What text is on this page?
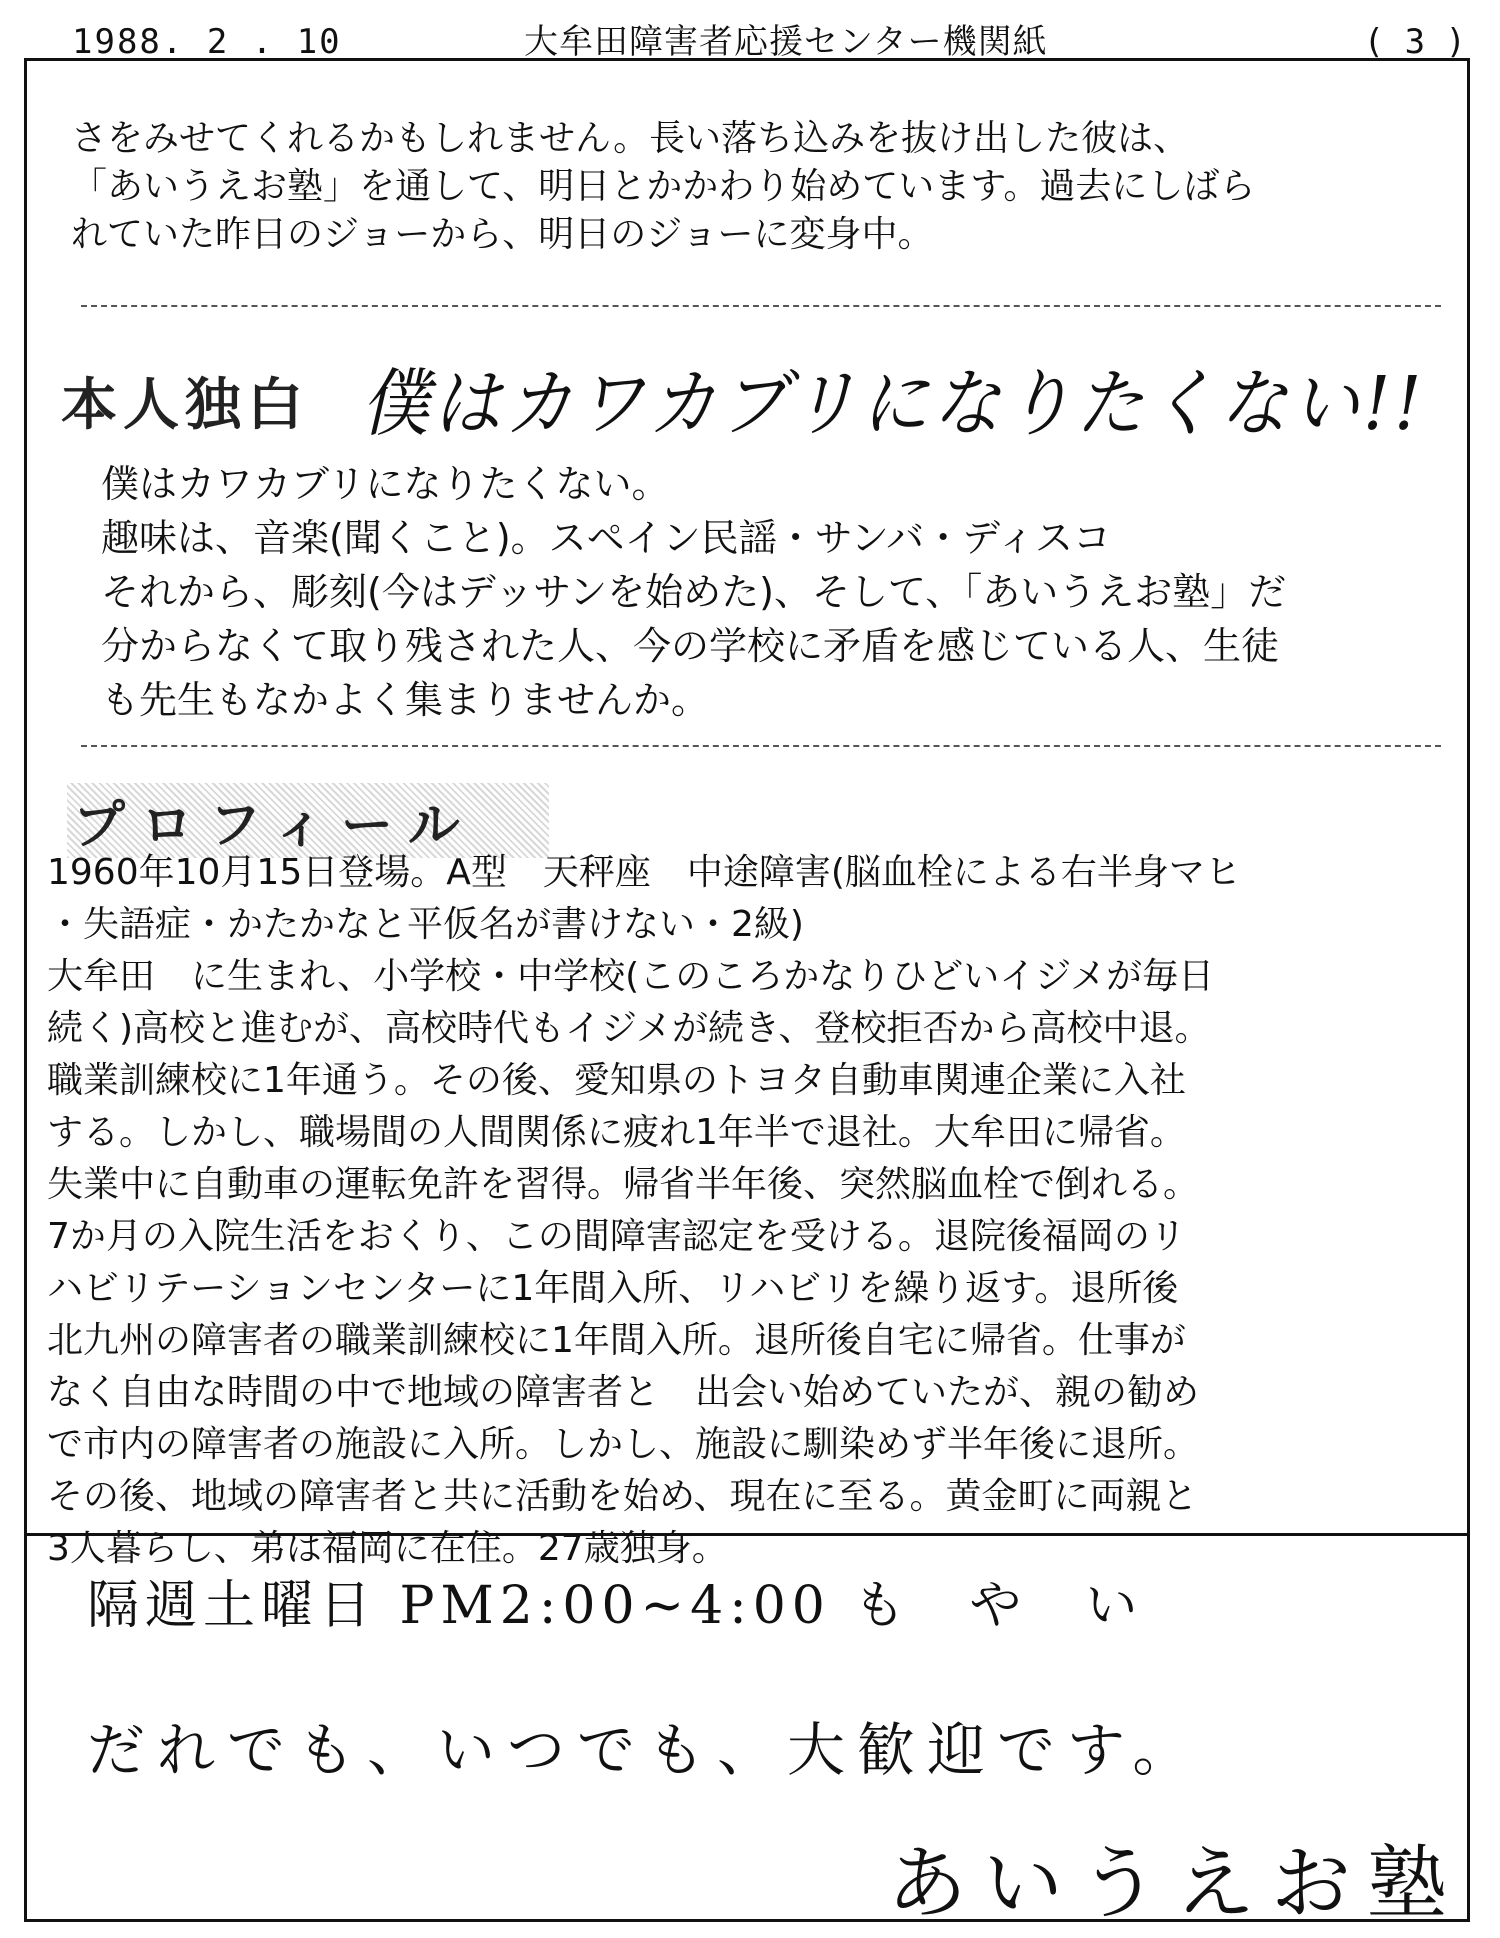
1988. 2 . 10	大牟田障害者応援センター機関紙	( 3 )
さをみせてくれるかもしれません。長い落ち込みを抜け出した彼は、
「あいうえお塾」を通して、明日とかかわり始めています。過去にしばら
れていた昨日のジョーから、明日のジョーに変身中。
本人独白 僕はカワカブリになりたくない!!
僕はカワカブリになりたくない。
趣味は、音楽(聞くこと)。スペイン民謡・サンバ・ディスコ
それから、彫刻(今はデッサンを始めた)、そして、「あいうえお塾」だ
分からなくて取り残された人、今の学校に矛盾を感じている人、生徒
も先生もなかよく集まりませんか。
プロフィール
1960年10月15日登場。A型　天秤座　中途障害(脳血栓による右半身マヒ
・失語症・かたかなと平仮名が書けない・2級)
大牟田　に生まれ、小学校・中学校(このころかなりひどいイジメが毎日
続く)高校と進むが、高校時代もイジメが続き、登校拒否から高校中退。
職業訓練校に1年通う。その後、愛知県のトヨタ自動車関連企業に入社
する。しかし、職場間の人間関係に疲れ1年半で退社。大牟田に帰省。
失業中に自動車の運転免許を習得。帰省半年後、突然脳血栓で倒れる。
7か月の入院生活をおくり、この間障害認定を受ける。退院後福岡のリ
ハビリテーションセンターに1年間入所、リハビリを繰り返す。退所後
北九州の障害者の職業訓練校に1年間入所。退所後自宅に帰省。仕事が
なく自由な時間の中で地域の障害者と　出会い始めていたが、親の勧め
で市内の障害者の施設に入所。しかし、施設に馴染めず半年後に退所。
その後、地域の障害者と共に活動を始め、現在に至る。黄金町に両親と
3人暮らし、弟は福岡に在住。27歳独身。
隔週土曜日 PM2:00~4:00 も　や　い
だれでも、いつでも、大歓迎です。
あいうえお塾
